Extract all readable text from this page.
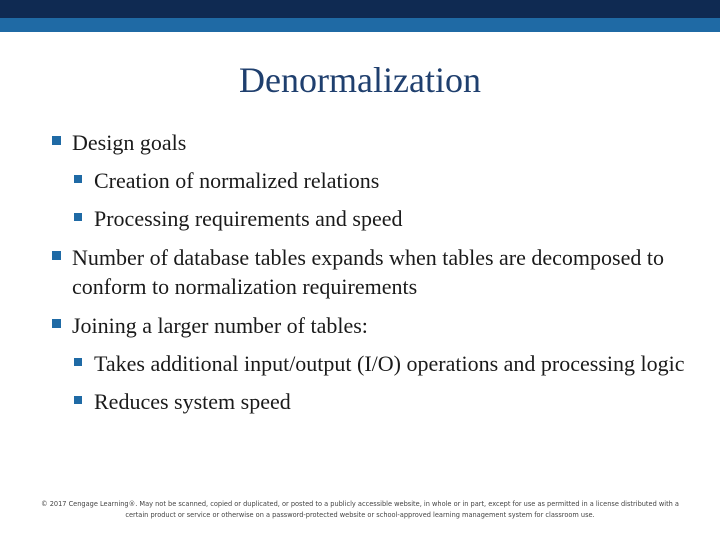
Denormalization
Design goals
Creation of normalized relations
Processing requirements and speed
Number of database tables expands when tables are decomposed to conform to normalization requirements
Joining a larger number of tables:
Takes additional input/output (I/O) operations and processing logic
Reduces system speed
© 2017 Cengage Learning®. May not be scanned, copied or duplicated, or posted to a publicly accessible website, in whole or in part, except for use as permitted in a license distributed with a certain product or service or otherwise on a password-protected website or school-approved learning management system for classroom use.
